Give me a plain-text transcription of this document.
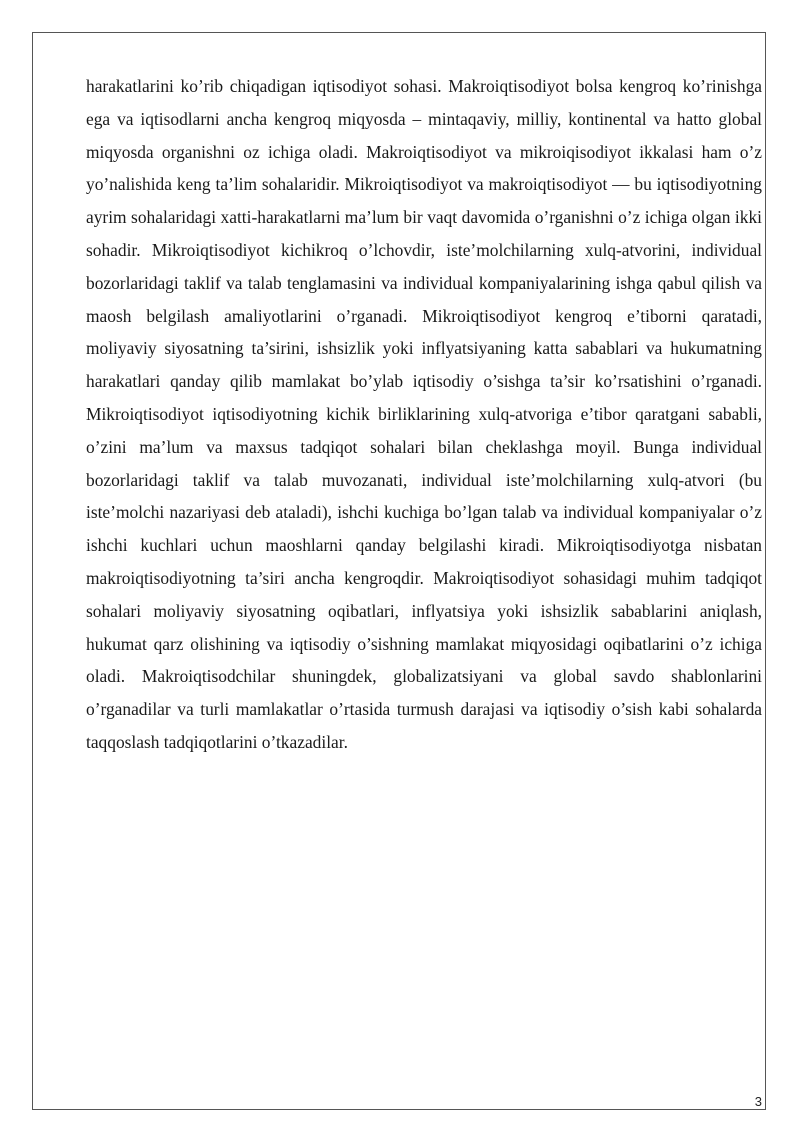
harakatlarini ko’rib chiqadigan iqtisodiyot sohasi. Makroiqtisodiyot bolsa kengroq ko’rinishga ega va iqtisodlarni ancha kengroq miqyosda – mintaqaviy, milliy, kontinental va hatto global miqyosda organishni oz ichiga oladi. Makroiqtisodiyot va mikroiqisodiyot ikkalasi ham o’z yo’nalishida keng ta’lim sohalaridir. Mikroiqtisodiyot va makroiqtisodiyot — bu iqtisodiyotning ayrim sohalaridagi xatti-harakatlarni ma’lum bir vaqt davomida o’rganishni o’z ichiga olgan ikki sohadir. Mikroiqtisodiyot kichikroq o’lchovdir, iste’molchilarning xulq-atvorini, individual bozorlaridagi taklif va talab tenglamasini va individual kompaniyalarining ishga qabul qilish va maosh belgilash amaliyotlarini o’rganadi. Mikroiqtisodiyot kengroq e’tiborni qaratadi, moliyaviy siyosatning ta’sirini, ishsizlik yoki inflyatsiyaning katta sabablari va hukumatning harakatlari qanday qilib mamlakat bo’ylab iqtisodiy o’sishga ta’sir ko’rsatishini o’rganadi. Mikroiqtisodiyot iqtisodiyotning kichik birliklarining xulq-atvoriga e’tibor qaratgani sababli, o’zini ma’lum va maxsus tadqiqot sohalari bilan cheklashga moyil. Bunga individual bozorlaridagi taklif va talab muvozanati, individual iste’molchilarning xulq-atvori (bu iste’molchi nazariyasi deb ataladi), ishchi kuchiga bo’lgan talab va individual kompaniyalar o’z ishchi kuchlari uchun maoshlarni qanday belgilashi kiradi. Mikroiqtisodiyotga nisbatan makroiqtisodiyotning ta’siri ancha kengroqdir. Makroiqtisodiyot sohasidagi muhim tadqiqot sohalari moliyaviy siyosatning oqibatlari, inflyatsiya yoki ishsizlik sabablarini aniqlash, hukumat qarz olishining va iqtisodiy o’sishning mamlakat miqyosidagi oqibatlarini o’z ichiga oladi. Makroiqtisodchilar shuningdek, globalizatsiyani va global savdo shablonlarini o’rganadilar va turli mamlakatlar o’rtasida turmush darajasi va iqtisodiy o’sish kabi sohalarda taqqoslash tadqiqotlarini o’tkazadilar.

3
